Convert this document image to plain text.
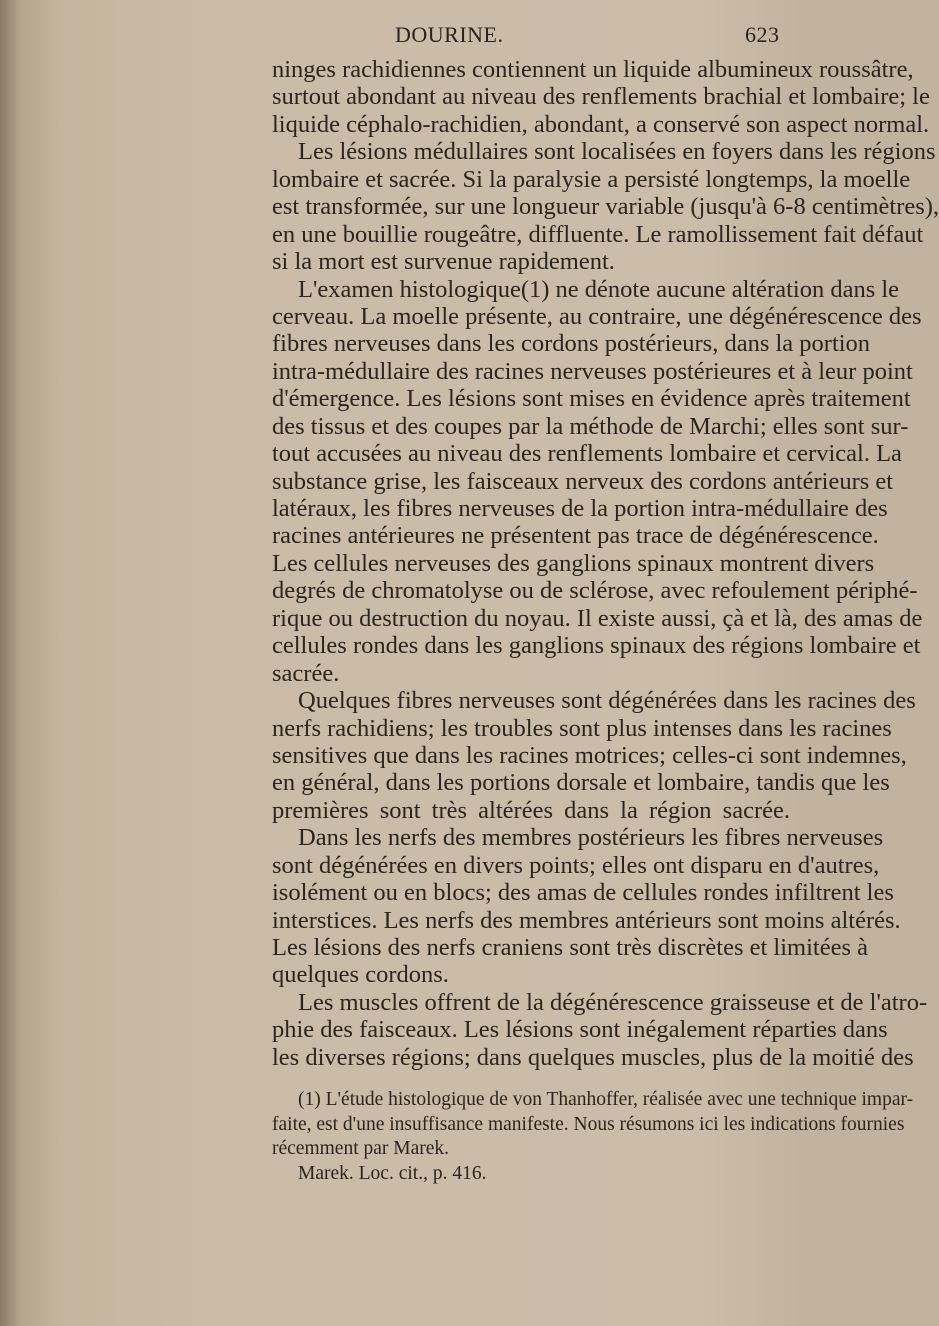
DOURINE.	623
ninges rachidiennes contiennent un liquide albumineux roussâtre,
surtout abondant au niveau des renflements brachial et lombaire; le
liquide céphalo-rachidien, abondant, a conservé son aspect normal.
Les lésions médullaires sont localisées en foyers dans les régions
lombaire et sacrée. Si la paralysie a persisté longtemps, la moelle
est transformée, sur une longueur variable (jusqu'à 6-8 centimètres),
en une bouillie rougeâtre, diffluente. Le ramollissement fait défaut
si la mort est survenue rapidement.
L'examen histologique(1) ne dénote aucune altération dans le
cerveau. La moelle présente, au contraire, une dégénérescence des
fibres nerveuses dans les cordons postérieurs, dans la portion
intra-médullaire des racines nerveuses postérieures et à leur point
d'émergence. Les lésions sont mises en évidence après traitement
des tissus et des coupes par la méthode de Marchi; elles sont sur-
tout accusées au niveau des renflements lombaire et cervical. La
substance grise, les faisceaux nerveux des cordons antérieurs et
latéraux, les fibres nerveuses de la portion intra-médullaire des
racines antérieures ne présentent pas trace de dégénérescence.
Les cellules nerveuses des ganglions spinaux montrent divers
degrés de chromatolyse ou de sclérose, avec refoulement périphé-
rique ou destruction du noyau. Il existe aussi, çà et là, des amas de
cellules rondes dans les ganglions spinaux des régions lombaire et
sacrée.
Quelques fibres nerveuses sont dégénérées dans les racines des
nerfs rachidiens; les troubles sont plus intenses dans les racines
sensitives que dans les racines motrices; celles-ci sont indemnes,
en général, dans les portions dorsale et lombaire, tandis que les
premières sont très altérées dans la région sacrée.
Dans les nerfs des membres postérieurs les fibres nerveuses
sont dégénérées en divers points; elles ont disparu en d'autres,
isolément ou en blocs; des amas de cellules rondes infiltrent les
interstices. Les nerfs des membres antérieurs sont moins altérés.
Les lésions des nerfs craniens sont très discrètes et limitées à
quelques cordons.
Les muscles offrent de la dégénérescence graisseuse et de l'atro-
phie des faisceaux. Les lésions sont inégalement réparties dans
les diverses régions; dans quelques muscles, plus de la moitié des
(1) L'étude histologique de von Thanhoffer, réalisée avec une technique impar-
faite, est d'une insuffisance manifeste. Nous résumons ici les indications fournies
récemment par Marek.
Marek. Loc. cit., p. 416.
